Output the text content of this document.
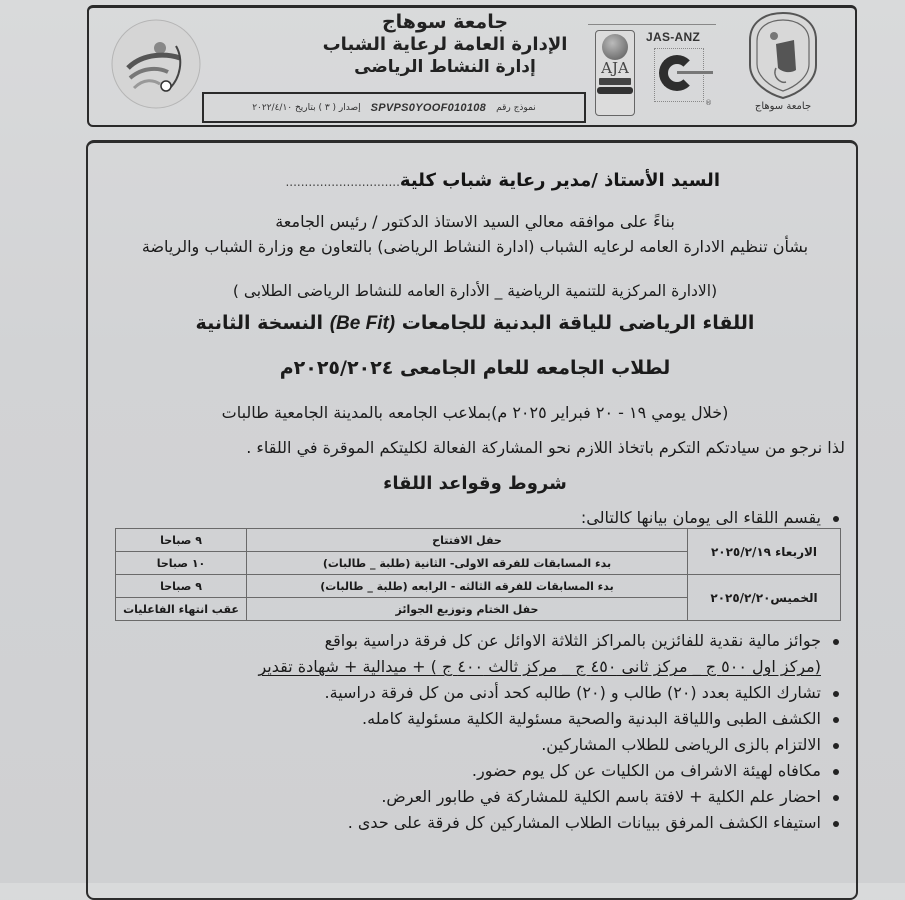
جامعة سوهاج
AJA
JAS-ANZ
®
جامعة سوهاج
الإدارة العامة لرعاية الشباب
إدارة النشاط الرياضى
نموذج رقم
SPVPS0YOOF010108
إصدار ( ٣ ) بتاريخ ٢٠٢٢/٤/١٠
السيد الأستاذ /مدير رعاية شباب كلية..............................
بناءً على موافقه معالي السيد الاستاذ الدكتور / رئيس الجامعة
بشأن تنظيم الادارة العامه لرعايه الشباب (ادارة النشاط الرياضى) بالتعاون مع وزارة الشباب والرياضة
(الادارة المركزية للتنمية الرياضية _ الأدارة العامه للنشاط الرياضى الطلابى )
اللقاء الرياضى للياقة البدنية للجامعات (Be Fit) النسخة الثانية
لطلاب الجامعه للعام الجامعى ٢٠٢٥/٢٠٢٤م
(خلال يومي ١٩ - ٢٠ فبراير ٢٠٢٥ م)بملاعب الجامعه بالمدينة الجامعية طالبات
لذا نرجو من سيادتكم التكرم باتخاذ اللازم نحو المشاركة الفعالة لكليتكم الموقرة في اللقاء .
شروط وقواعد اللقاء
يقسم اللقاء الى يومان بيانها كالتالى:
الاربعاء ٢٠٢٥/٢/١٩	حفل الافتتاح	٩ صباحا
	بدء المسابقات للفرقه الاولى- الثانية (طلبة _ طالبات)	١٠ صباحا
الخميس٢٠٢٥/٢/٢٠	بدء المسابقات للفرقه الثالثه - الرابعه (طلبة _ طالبات)	٩ صباحا
	حفل الختام وتوزيع الجوائز	عقب انتهاء الفاعليات
جوائز مالية نقدية للفائزين بالمراكز الثلاثة الاوائل عن كل فرقة دراسية بواقع
(مركز اول ٥٠٠ ج _ مركز ثانى ٤٥٠ ج _ مركز ثالث ٤٠٠ ج ) + ميدالية + شهادة تقدير
تشارك الكلية بعدد (٢٠) طالب و (٢٠) طالبه كحد أدنى من كل فرقة دراسية.
الكشف الطبى واللياقة البدنية والصحية مسئولية الكلية مسئولية كامله.
الالتزام بالزى الرياضى للطلاب المشاركين.
مكافاه لهيئة الاشراف من الكليات عن كل يوم حضور.
احضار علم الكلية + لافتة باسم الكلية للمشاركة في طابور العرض.
استيفاء الكشف المرفق ببيانات الطلاب المشاركين كل فرقة على حدى .
